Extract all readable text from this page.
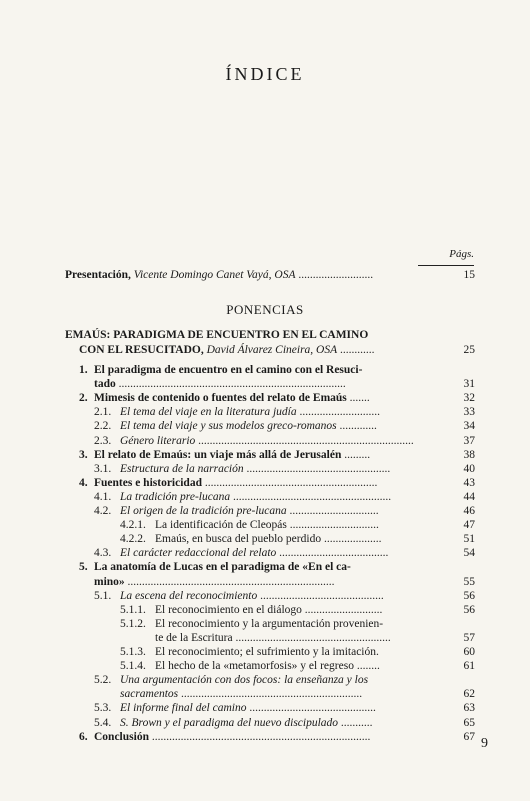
ÍNDICE
Págs.
Presentación, Vicente Domingo Canet Vayá, OSA ..........................	15
PONENCIAS
EMAÚS: PARADIGMA DE ENCUENTRO EN EL CAMINO
CON EL RESUCITADO, David Álvarez Cineira, OSA ............	25
1. El paradigma de encuentro en el camino con el Resuci-
tado ...............................................................................
2. Mimesis de contenido o fuentes del relato de Emaús .......
2.1. El tema del viaje en la literatura judía ............................
2.2. El tema del viaje y sus modelos greco-romanos .............
2.3. Género literario ...........................................................................
3. El relato de Emaús: un viaje más allá de Jerusalén .........
3.1. Estructura de la narración ..................................................
4. Fuentes e historicidad ............................................................
4.1. La tradición pre-lucana .......................................................
4.2. El origen de la tradición pre-lucana ...............................
4.2.1. La identificación de Cleopás ...............................
4.2.2. Emaús, en busca del pueblo perdido ....................
4.3. El carácter redaccional del relato ......................................
5. La anatomía de Lucas en el paradigma de «En el ca-
mino» ........................................................................
5.1. La escena del reconocimiento ...........................................
5.1.1. El reconocimiento en el diálogo ...........................
5.1.2. El reconocimiento y la argumentación provenien-
te de la Escritura ......................................................
5.1.3. El reconocimiento; el sufrimiento y la imitación.
5.1.4. El hecho de la «metamorfosis» y el regreso ........
5.2. Una argumentación con dos focos: la enseñanza y los
sacramentos ...............................................................
5.3. El informe final del camino ............................................
5.4. S. Brown y el paradigma del nuevo discipulado ...........
6. Conclusión ............................................................................
31
32
33
34
37
38
40
43
44
46
47
51
54
55
56
56
57
60
61
62
63
65
67 9
